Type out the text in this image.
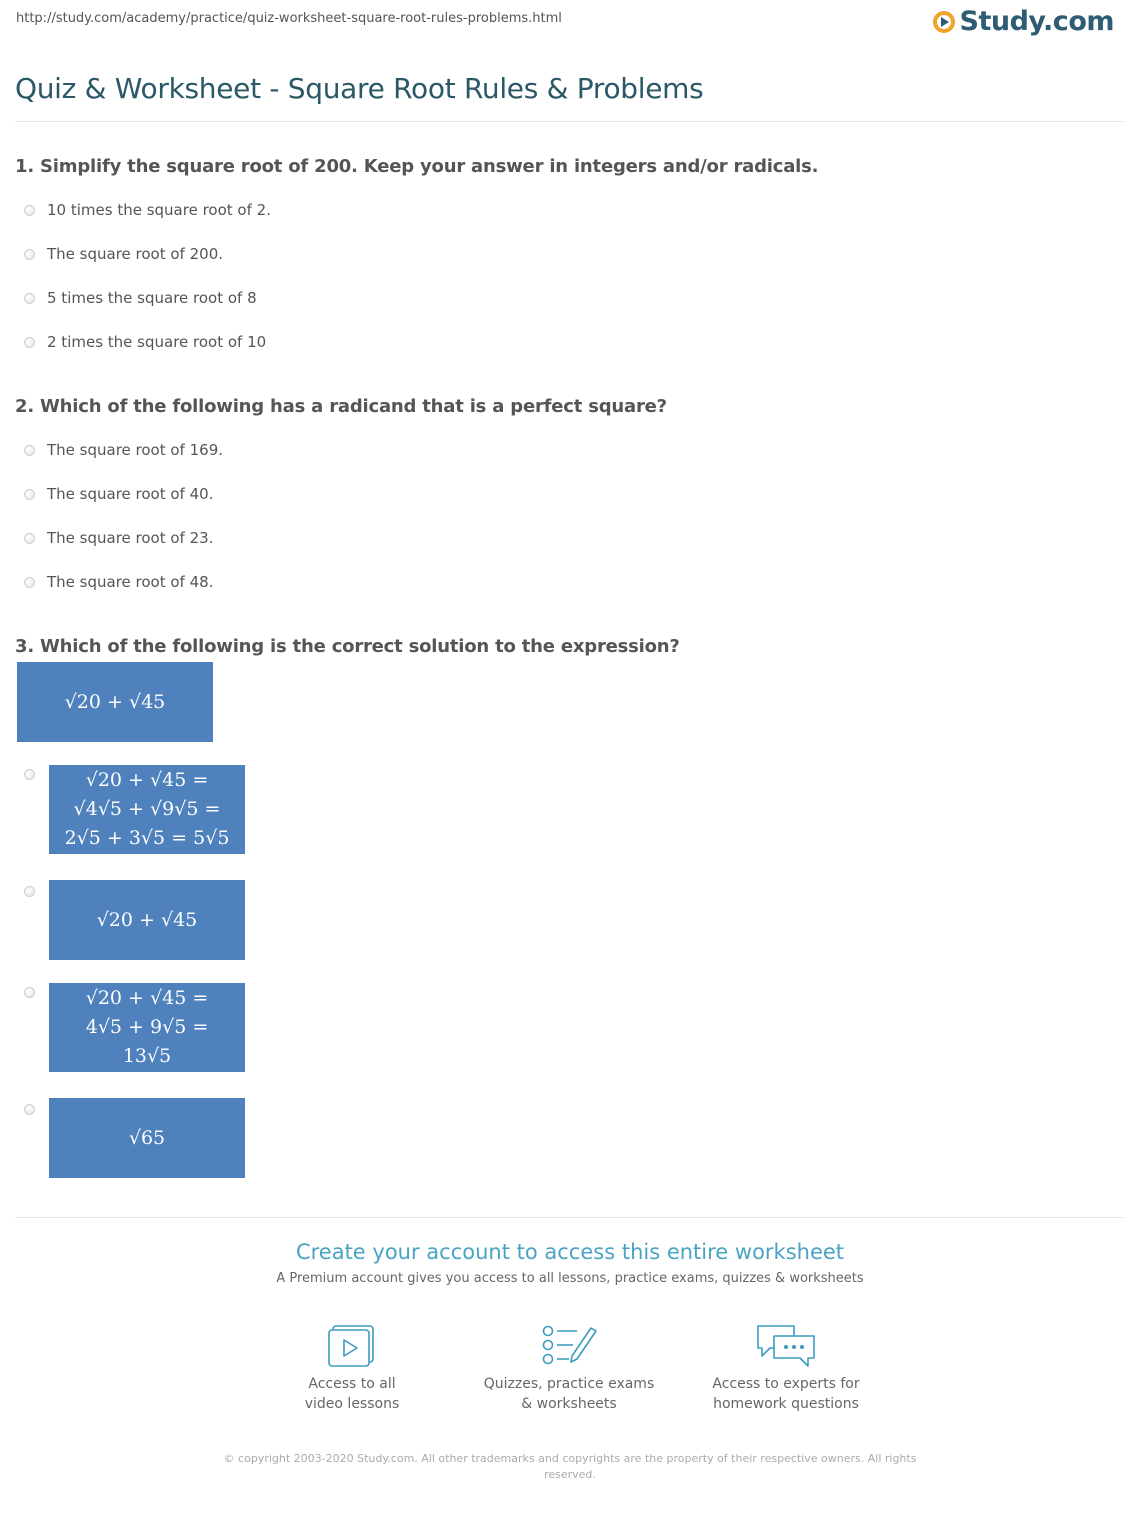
http://study.com/academy/practice/quiz-worksheet-square-root-rules-problems.html	Study.com
Quiz & Worksheet - Square Root Rules & Problems
1. Simplify the square root of 200. Keep your answer in integers and/or radicals.
10 times the square root of 2.
The square root of 200.
5 times the square root of 8
2 times the square root of 10
2. Which of the following has a radicand that is a perfect square?
The square root of 169.
The square root of 40.
The square root of 23.
The square root of 48.
3. Which of the following is the correct solution to the expression?
√20 + √45
√20 + √45 =
√4√5 + √9√5 =
2√5 + 3√5 = 5√5
√20 + √45
√20 + √45 =
4√5 + 9√5 =
13√5
√65
Create your account to access this entire worksheet
A Premium account gives you access to all lessons, practice exams, quizzes & worksheets
Access to all
video lessons
Quizzes, practice exams
& worksheets
Access to experts for
homework questions
© copyright 2003-2020 Study.com. All other trademarks and copyrights are the property of their respective owners. All rights reserved.
